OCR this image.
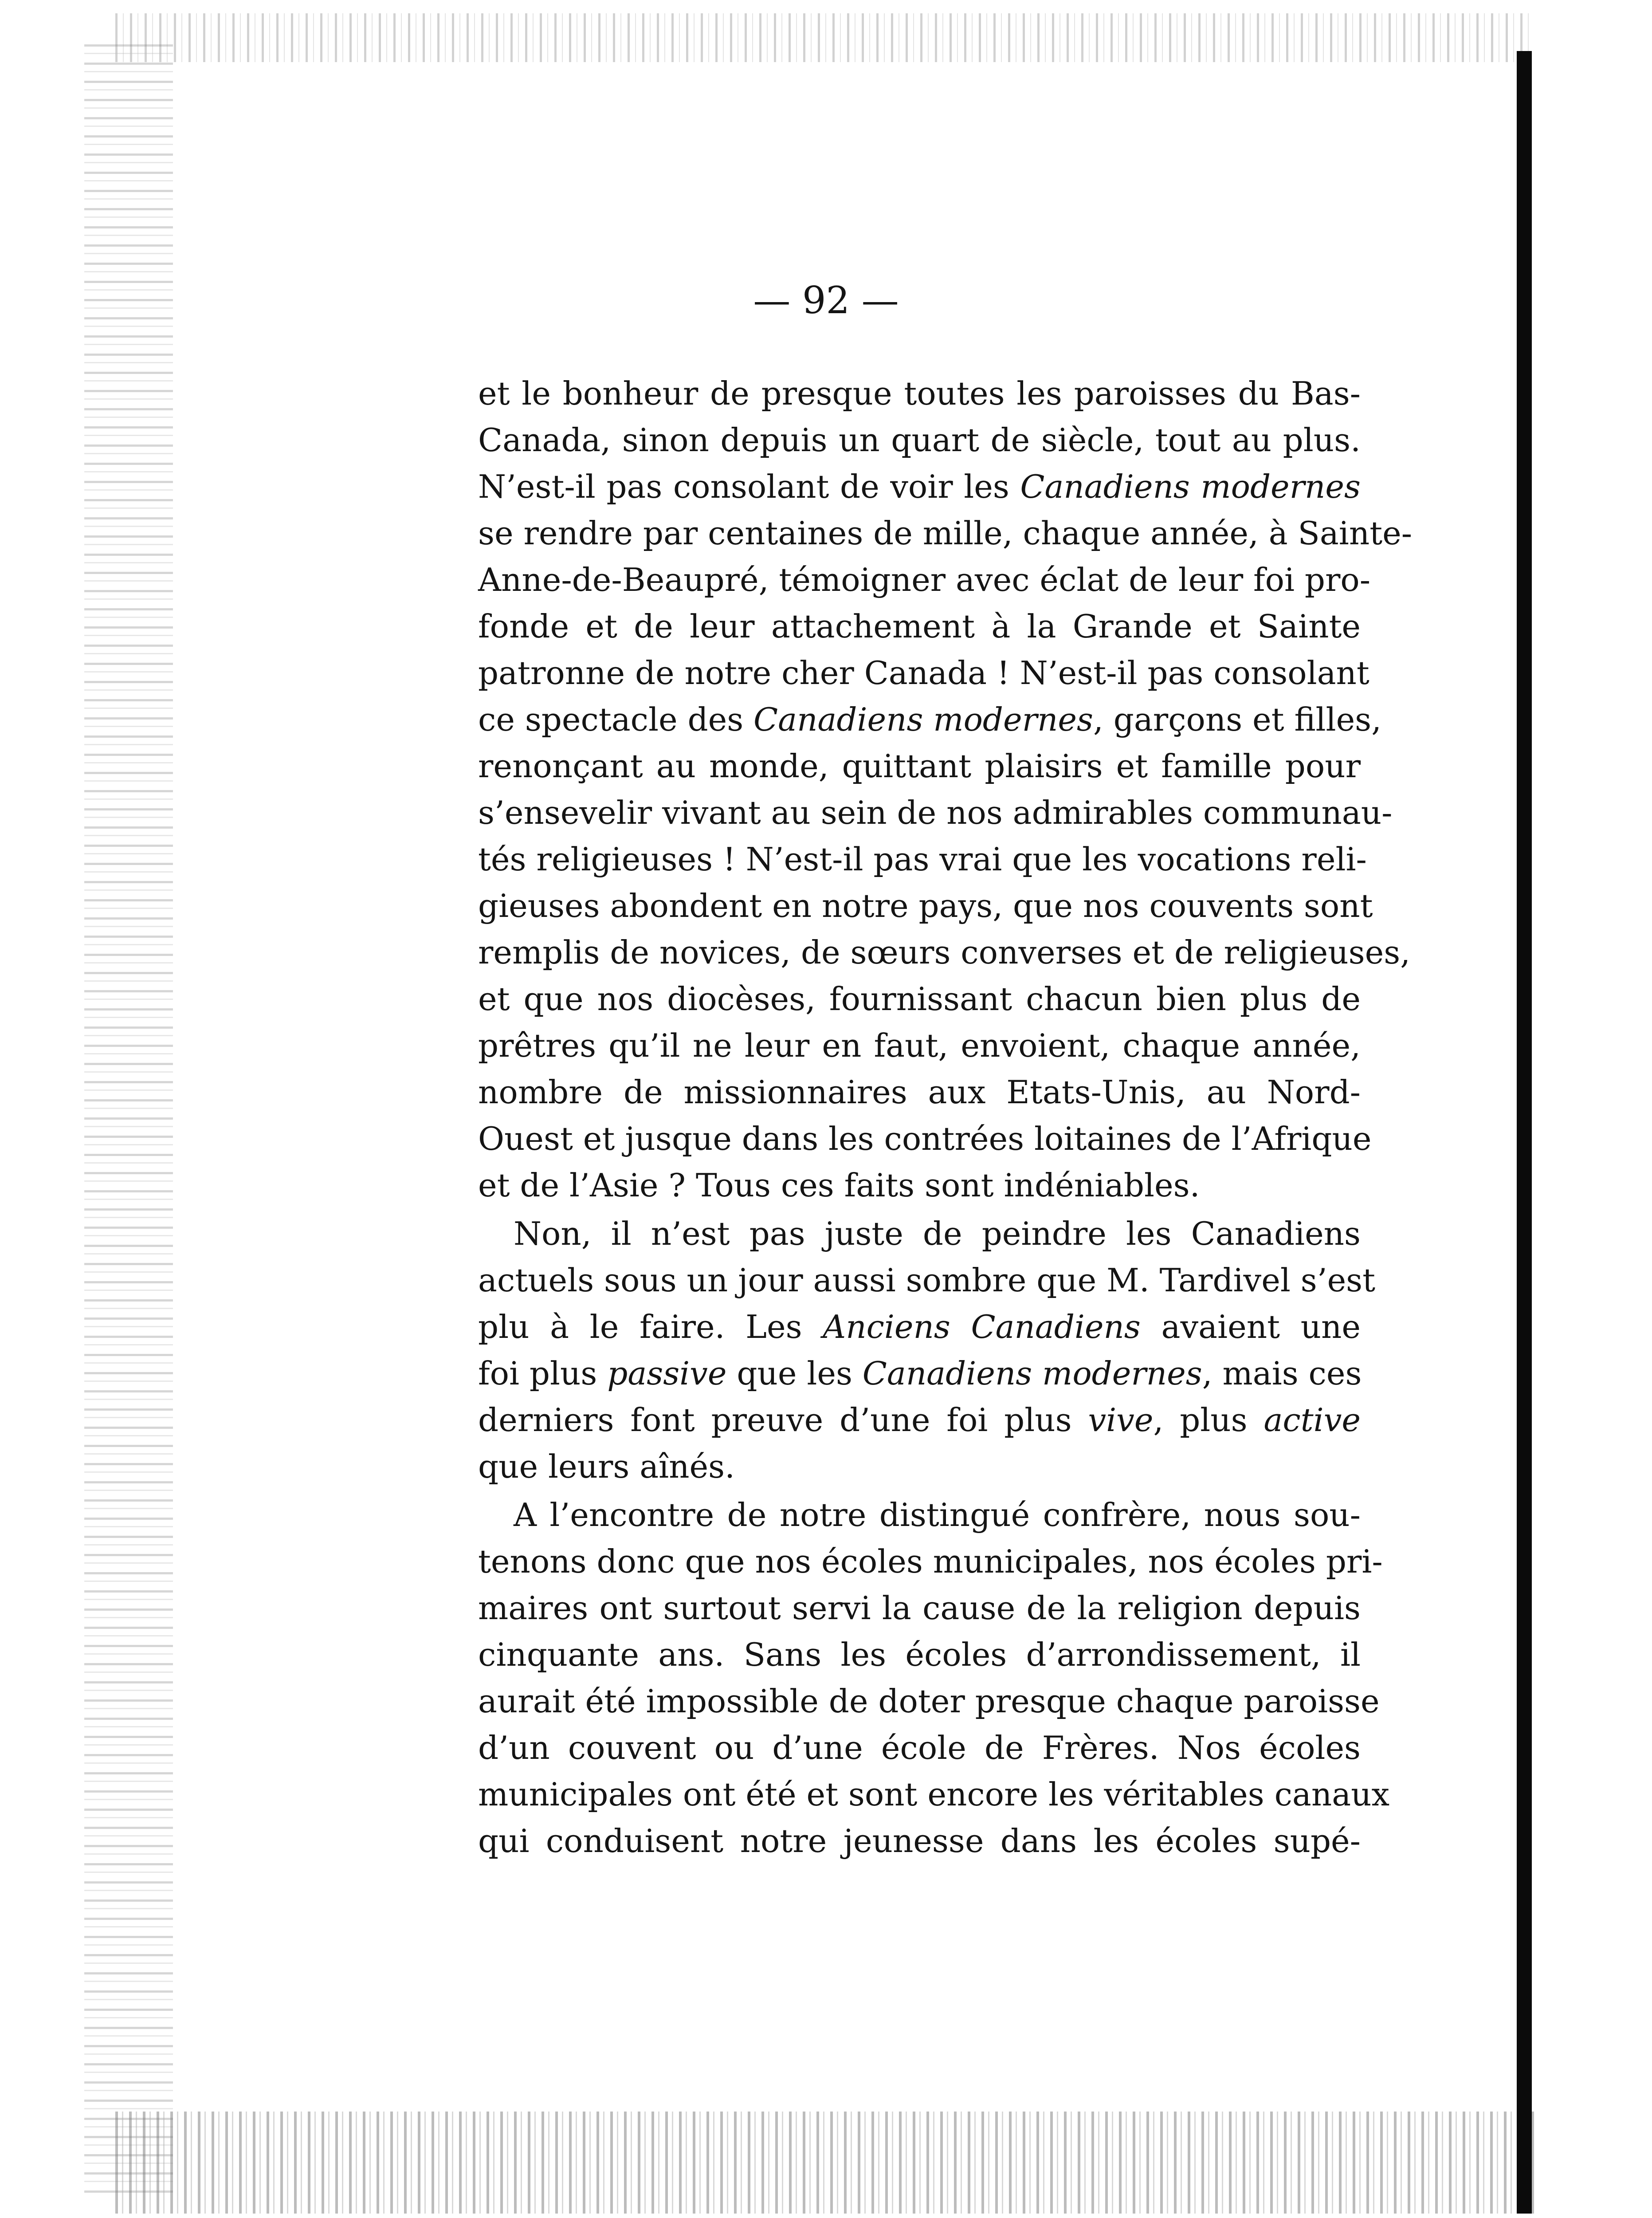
— 92 —
et le bonheur de presque toutes les paroisses du Bas-
Canada, sinon depuis un quart de siècle, tout au plus.
N’est-il pas consolant de voir les Canadiens modernes
se rendre par centaines de mille, chaque année, à Sainte-
Anne-de-Beaupré, témoigner avec éclat de leur foi pro-
fonde et de leur attachement à la Grande et Sainte
patronne de notre cher Canada ! N’est-il pas consolant
ce spectacle des Canadiens modernes, garçons et filles,
renonçant au monde, quittant plaisirs et famille pour
s’ensevelir vivant au sein de nos admirables communau-
tés religieuses ! N’est-il pas vrai que les vocations reli-
gieuses abondent en notre pays, que nos couvents sont
remplis de novices, de sœurs converses et de religieuses,
et que nos diocèses, fournissant chacun bien plus de
prêtres qu’il ne leur en faut, envoient, chaque année,
nombre de missionnaires aux Etats-Unis, au Nord-
Ouest et jusque dans les contrées loitaines de l’Afrique
et de l’Asie ? Tous ces faits sont indéniables.
Non, il n’est pas juste de peindre les Canadiens
actuels sous un jour aussi sombre que M. Tardivel s’est
plu à le faire. Les Anciens Canadiens avaient une
foi plus passive que les Canadiens modernes, mais ces
derniers font preuve d’une foi plus vive, plus active
que leurs aînés.
A l’encontre de notre distingué confrère, nous sou-
tenons donc que nos écoles municipales, nos écoles pri-
maires ont surtout servi la cause de la religion depuis
cinquante ans. Sans les écoles d’arrondissement, il
aurait été impossible de doter presque chaque paroisse
d’un couvent ou d’une école de Frères. Nos écoles
municipales ont été et sont encore les véritables canaux
qui conduisent notre jeunesse dans les écoles supé-
